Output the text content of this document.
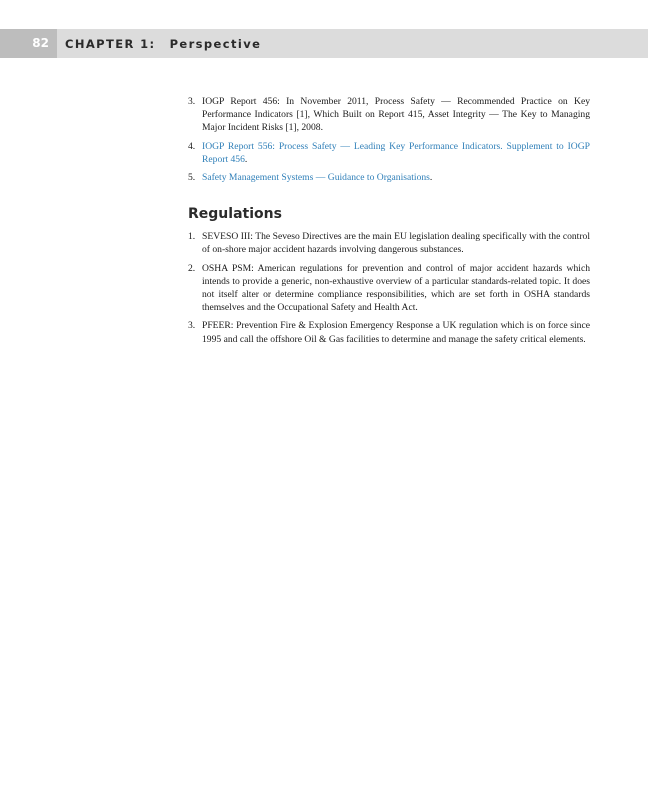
82	CHAPTER 1: Perspective
3. IOGP Report 456: In November 2011, Process Safety — Recommended Practice on Key Performance Indicators [1], Which Built on Report 415, Asset Integrity — The Key to Managing Major Incident Risks [1], 2008.
4. IOGP Report 556: Process Safety — Leading Key Performance Indicators. Supplement to IOGP Report 456.
5. Safety Management Systems — Guidance to Organisations.
Regulations
1. SEVESO III: The Seveso Directives are the main EU legislation dealing specifically with the control of on-shore major accident hazards involving dangerous substances.
2. OSHA PSM: American regulations for prevention and control of major accident hazards which intends to provide a generic, non-exhaustive overview of a particular standards-related topic. It does not itself alter or determine compliance responsibilities, which are set forth in OSHA standards themselves and the Occupational Safety and Health Act.
3. PFEER: Prevention Fire & Explosion Emergency Response a UK regulation which is on force since 1995 and call the offshore Oil & Gas facilities to determine and manage the safety critical elements.
